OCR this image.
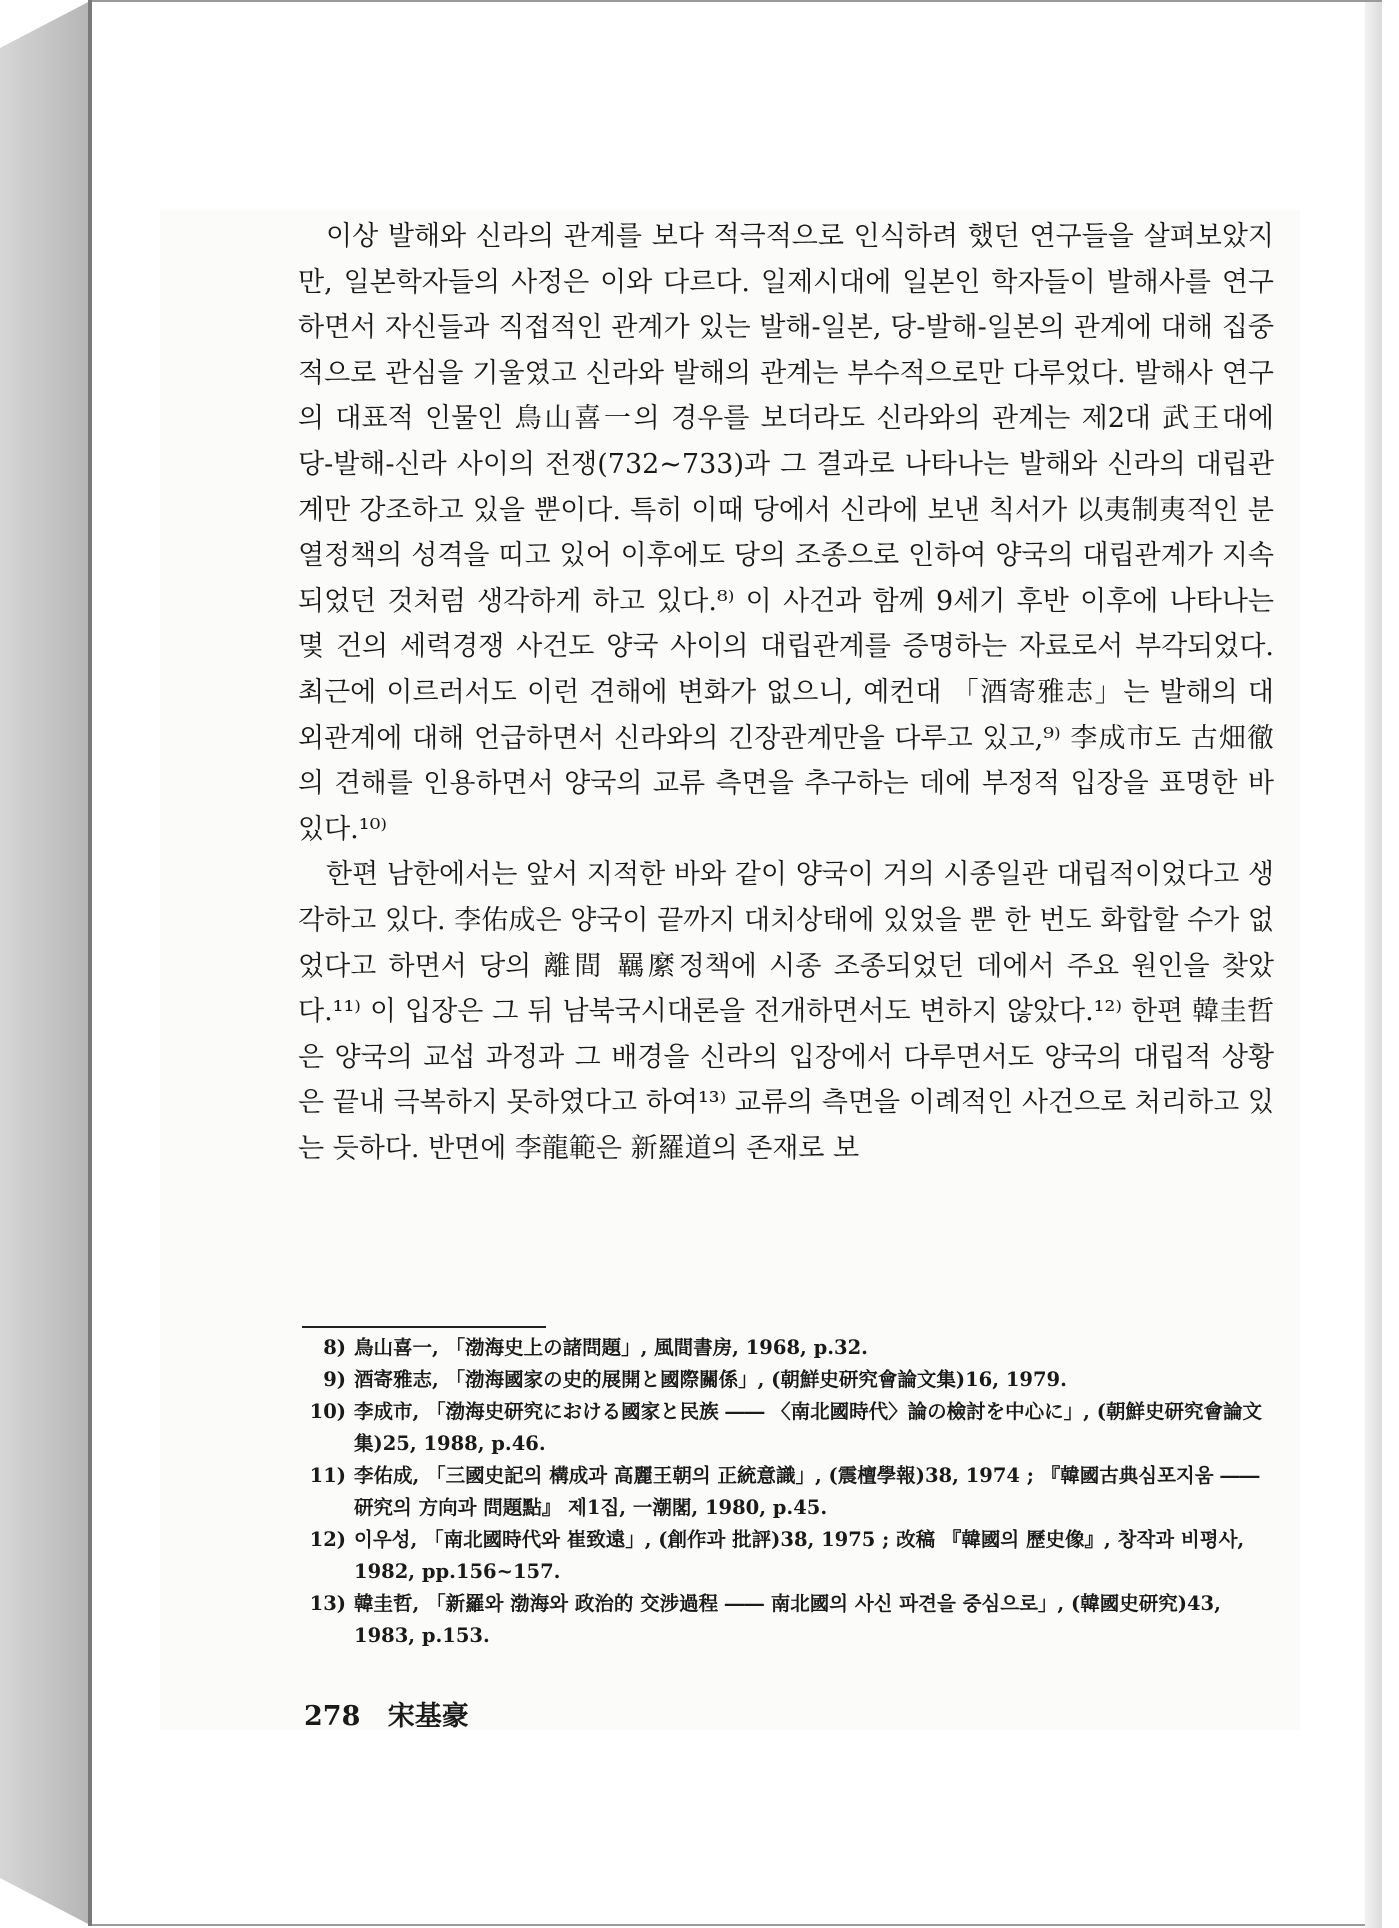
이상 발해와 신라의 관계를 보다 적극적으로 인식하려 했던 연구들을 살펴보았지만, 일본학자들의 사정은 이와 다르다. 일제시대에 일본인 학자들이 발해사를 연구하면서 자신들과 직접적인 관계가 있는 발해-일본, 당-발해-일본의 관계에 대해 집중적으로 관심을 기울였고 신라와 발해의 관계는 부수적으로만 다루었다. 발해사 연구의 대표적 인물인 鳥山喜一의 경우를 보더라도 신라와의 관계는 제2대 武王대에 당-발해-신라 사이의 전쟁(732~733)과 그 결과로 나타나는 발해와 신라의 대립관계만 강조하고 있을 뿐이다. 특히 이때 당에서 신라에 보낸 칙서가 以夷制夷적인 분열정책의 성격을 띠고 있어 이후에도 당의 조종으로 인하여 양국의 대립관계가 지속되었던 것처럼 생각하게 하고 있다.⁸⁾ 이 사건과 함께 9세기 후반 이후에 나타나는 몇 건의 세력경쟁 사건도 양국 사이의 대립관계를 증명하는 자료로서 부각되었다. 최근에 이르러서도 이런 견해에 변화가 없으니, 예컨대 「酒寄雅志」는 발해의 대외관계에 대해 언급하면서 신라와의 긴장관계만을 다루고 있고,⁹⁾ 李成市도 古畑徹의 견해를 인용하면서 양국의 교류 측면을 추구하는 데에 부정적 입장을 표명한 바 있다.¹⁰⁾

한편 남한에서는 앞서 지적한 바와 같이 양국이 거의 시종일관 대립적이었다고 생각하고 있다. 李佑成은 양국이 끝까지 대치상태에 있었을 뿐 한 번도 화합할 수가 없었다고 하면서 당의 離間 羈縻정책에 시종 조종되었던 데에서 주요 원인을 찾았다.¹¹⁾ 이 입장은 그 뒤 남북국시대론을 전개하면서도 변하지 않았다.¹²⁾ 한편 韓圭哲은 양국의 교섭 과정과 그 배경을 신라의 입장에서 다루면서도 양국의 대립적 상황은 끝내 극복하지 못하였다고 하여¹³⁾ 교류의 측면을 이례적인 사건으로 처리하고 있는 듯하다. 반면에 李龍範은 新羅道의 존재로 보

8) 鳥山喜一, 「渤海史上の諸問題」, 風間書房, 1968, p.32.
9) 酒寄雅志, 「渤海國家の史的展開と國際關係」, (朝鮮史研究會論文集)16, 1979.
10) 李成市, 「渤海史研究における國家と民族 ―― 〈南北國時代〉論の檢討を中心に」, (朝鮮史研究會論文集)25, 1988, p.46.
11) 李佑成, 「三國史記의 構成과 高麗王朝의 正統意識」, (震檀學報)38, 1974 ; 『韓國古典심포지움 ―― 研究의 方向과 問題點』 제1집, 一潮閣, 1980, p.45.
12) 이우성, 「南北國時代와 崔致遠」, (創作과 批評)38, 1975 ; 改稿 『韓國의 歷史像』, 창작과 비평사, 1982, pp.156~157.
13) 韓圭哲, 「新羅와 渤海와 政治的 交涉過程 ―― 南北國의 사신 파견을 중심으로」, (韓國史研究)43, 1983, p.153.
278 宋基豪
